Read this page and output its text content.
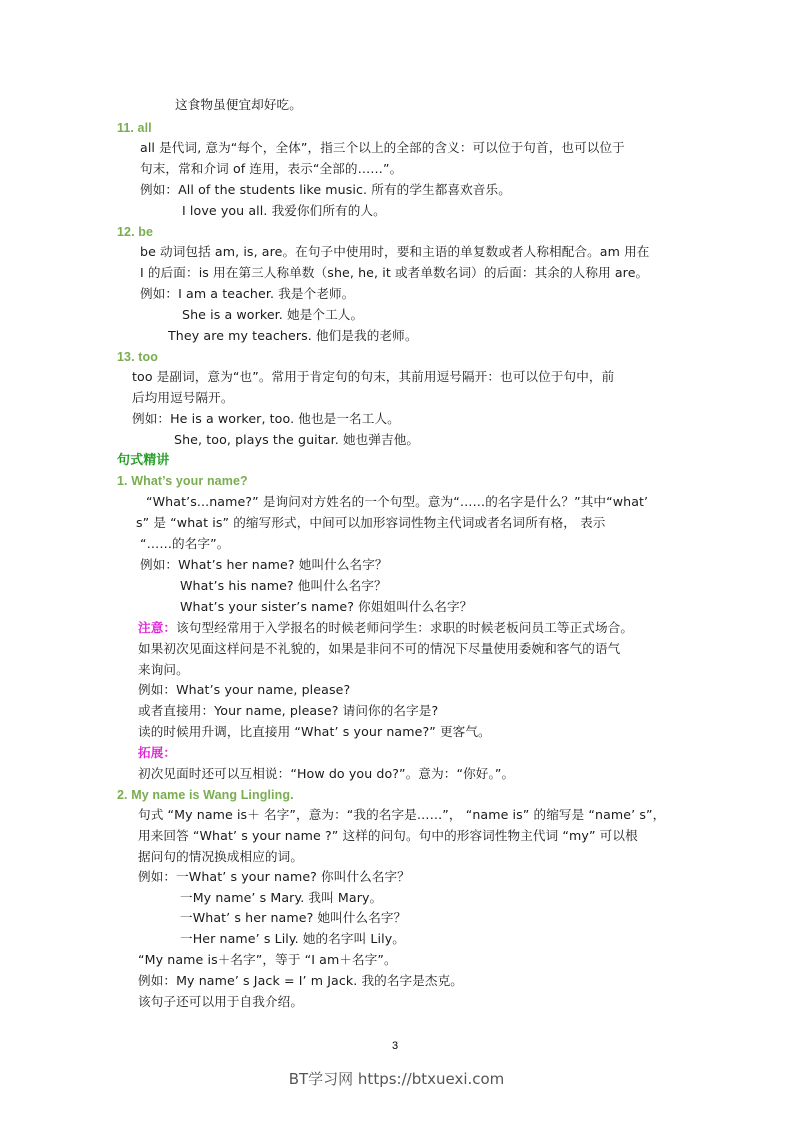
这食物虽便宜却好吃。
11. all
all 是代词, 意为“每个，全体”，指三个以上的全部的含义：可以位于句首，也可以位于
句末，常和介词 of 连用，表示“全部的……”。
例如：All of the students like music. 所有的学生都喜欢音乐。
I love you all. 我爱你们所有的人。
12. be
be 动词包括 am, is, are。在句子中使用时，要和主语的单复数或者人称相配合。am 用在
I 的后面：is 用在第三人称单数（she, he, it 或者单数名词）的后面：其余的人称用 are。
例如：I am a teacher. 我是个老师。
She is a worker. 她是个工人。
They are my teachers. 他们是我的老师。
13. too
too 是副词，意为“也”。常用于肯定句的句末，其前用逗号隔开：也可以位于句中，前
后均用逗号隔开。
例如：He is a worker, too. 他也是一名工人。
She, too, plays the guitar. 她也弹吉他。
句式精讲
1. What’s your name?
“What’s...name?” 是询问对方姓名的一个句型。意为“……的名字是什么？”其中“what’
s” 是 “what is” 的缩写形式，中间可以加形容词性物主代词或者名词所有格， 表示
“……的名字”。
例如：What’s her name? 她叫什么名字？
What’s his name? 他叫什么名字？
What’s your sister’s name? 你姐姐叫什么名字？
注意：该句型经常用于入学报名的时候老师问学生：求职的时候老板问员工等正式场合。
如果初次见面这样问是不礼貌的，如果是非问不可的情况下尽量使用委婉和客气的语气
来询问。
例如：What’s your name, please?
或者直接用：Your name, please? 请问你的名字是?
读的时候用升调，比直接用 “What’ s your name?” 更客气。
拓展：
初次见面时还可以互相说：“How do you do?”。意为：“你好。”。
2. My name is Wang Lingling.
句式 “My name is＋ 名字”，意为：“我的名字是……”， “name is” 的缩写是 “name’ s”，
用来回答 “What’ s your name ?” 这样的问句。句中的形容词性物主代词 “my” 可以根
据问句的情况换成相应的词。
例如：一What’ s your name? 你叫什么名字？
一My name’ s Mary. 我叫 Mary。
一What’ s her name? 她叫什么名字？
一Her name’ s Lily. 她的名字叫 Lily。
“My name is＋名字”，等于 “I am＋名字”。
例如：My name’ s Jack = I’ m Jack. 我的名字是杰克。
该句子还可以用于自我介绍。
3
BT学习网 https://btxuexi.com
